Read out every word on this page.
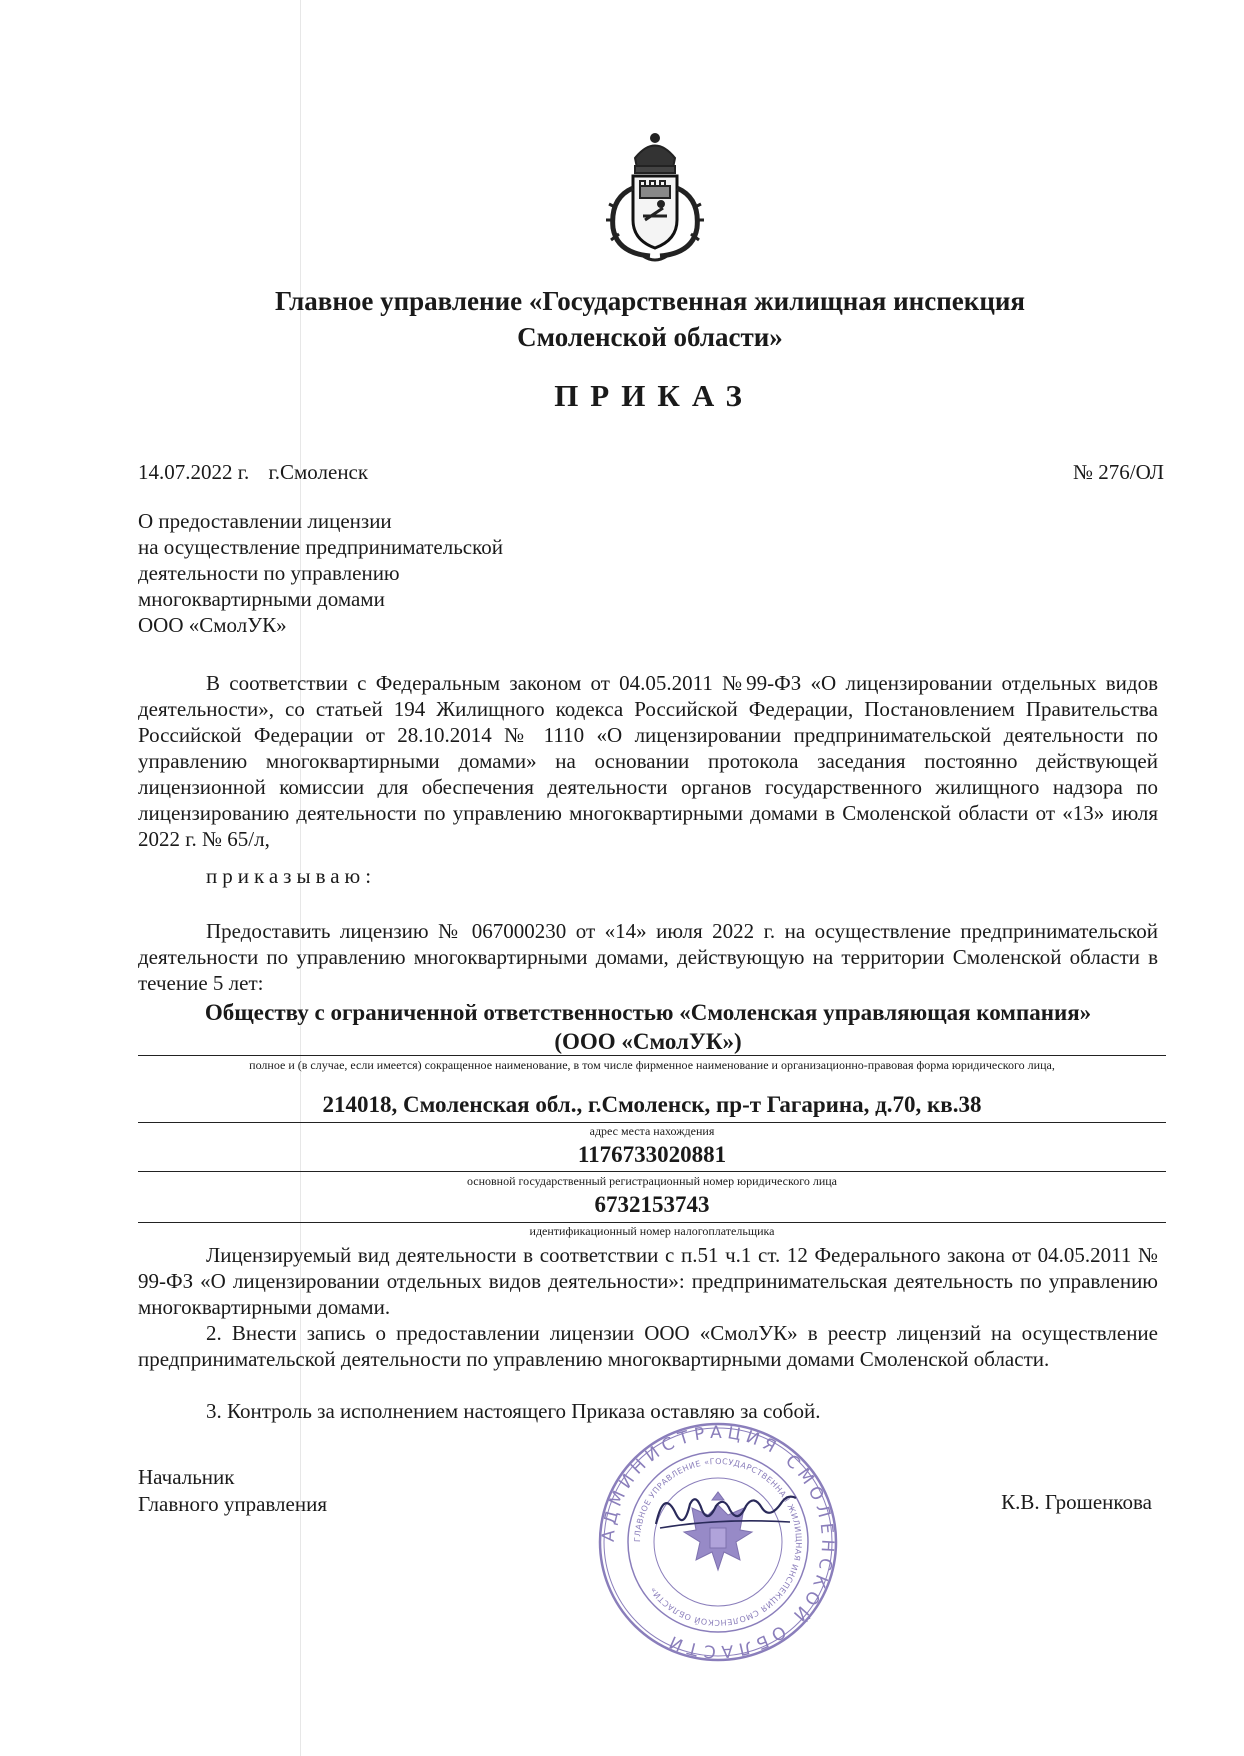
Главное управление «Государственная жилищная инспекция
Смоленской области»
ПРИКАЗ
14.07.2022 г. г.Смоленск	№ 276/ОЛ
О предоставлении лицензии
на осуществление предпринимательской
деятельности по управлению
многоквартирными домами
ООО «СмолУК»
В соответствии с Федеральным законом от 04.05.2011 №99-ФЗ «О лицензировании отдельных видов деятельности», со статьей 194 Жилищного кодекса Российской Федерации, Постановлением Правительства Российской Федерации от 28.10.2014 № 1110 «О лицензировании предпринимательской деятельности по управлению многоквартирными домами» на основании протокола заседания постоянно действующей лицензионной комиссии для обеспечения деятельности органов государственного жилищного надзора по лицензированию деятельности по управлению многоквартирными домами в Смоленской области от «13» июля 2022 г. № 65/л,
приказываю:
Предоставить лицензию № 067000230 от «14» июля 2022 г. на осуществление предпринимательской деятельности по управлению многоквартирными домами, действующую на территории Смоленской области в течение 5 лет:
Обществу с ограниченной ответственностью «Смоленская управляющая компания»
(ООО «СмолУК»)
полное и (в случае, если имеется) сокращенное наименование, в том числе фирменное наименование и организационно-правовая форма юридического лица,
214018, Смоленская обл., г.Смоленск, пр-т Гагарина, д.70, кв.38
адрес места нахождения
1176733020881
основной государственный регистрационный номер юридического лица
6732153743
идентификационный номер налогоплательщика
Лицензируемый вид деятельности в соответствии с п.51 ч.1 ст. 12 Федерального закона от 04.05.2011 № 99-ФЗ «О лицензировании отдельных видов деятельности»: предпринимательская деятельность по управлению многоквартирными домами.
2. Внести запись о предоставлении лицензии ООО «СмолУК» в реестр лицензий на осуществление предпринимательской деятельности по управлению многоквартирными домами Смоленской области.
3. Контроль за исполнением настоящего Приказа оставляю за собой.
Начальник
Главного управления	К.В. Грошенкова
АДМИНИСТРАЦИЯ СМОЛЕНСКОЙ ОБЛАСТИ
ГЛАВНОЕ УПРАВЛЕНИЕ «ГОСУДАРСТВЕННАЯ ЖИЛИЩНАЯ ИНСПЕКЦИЯ СМОЛЕНСКОЙ ОБЛАСТИ»
